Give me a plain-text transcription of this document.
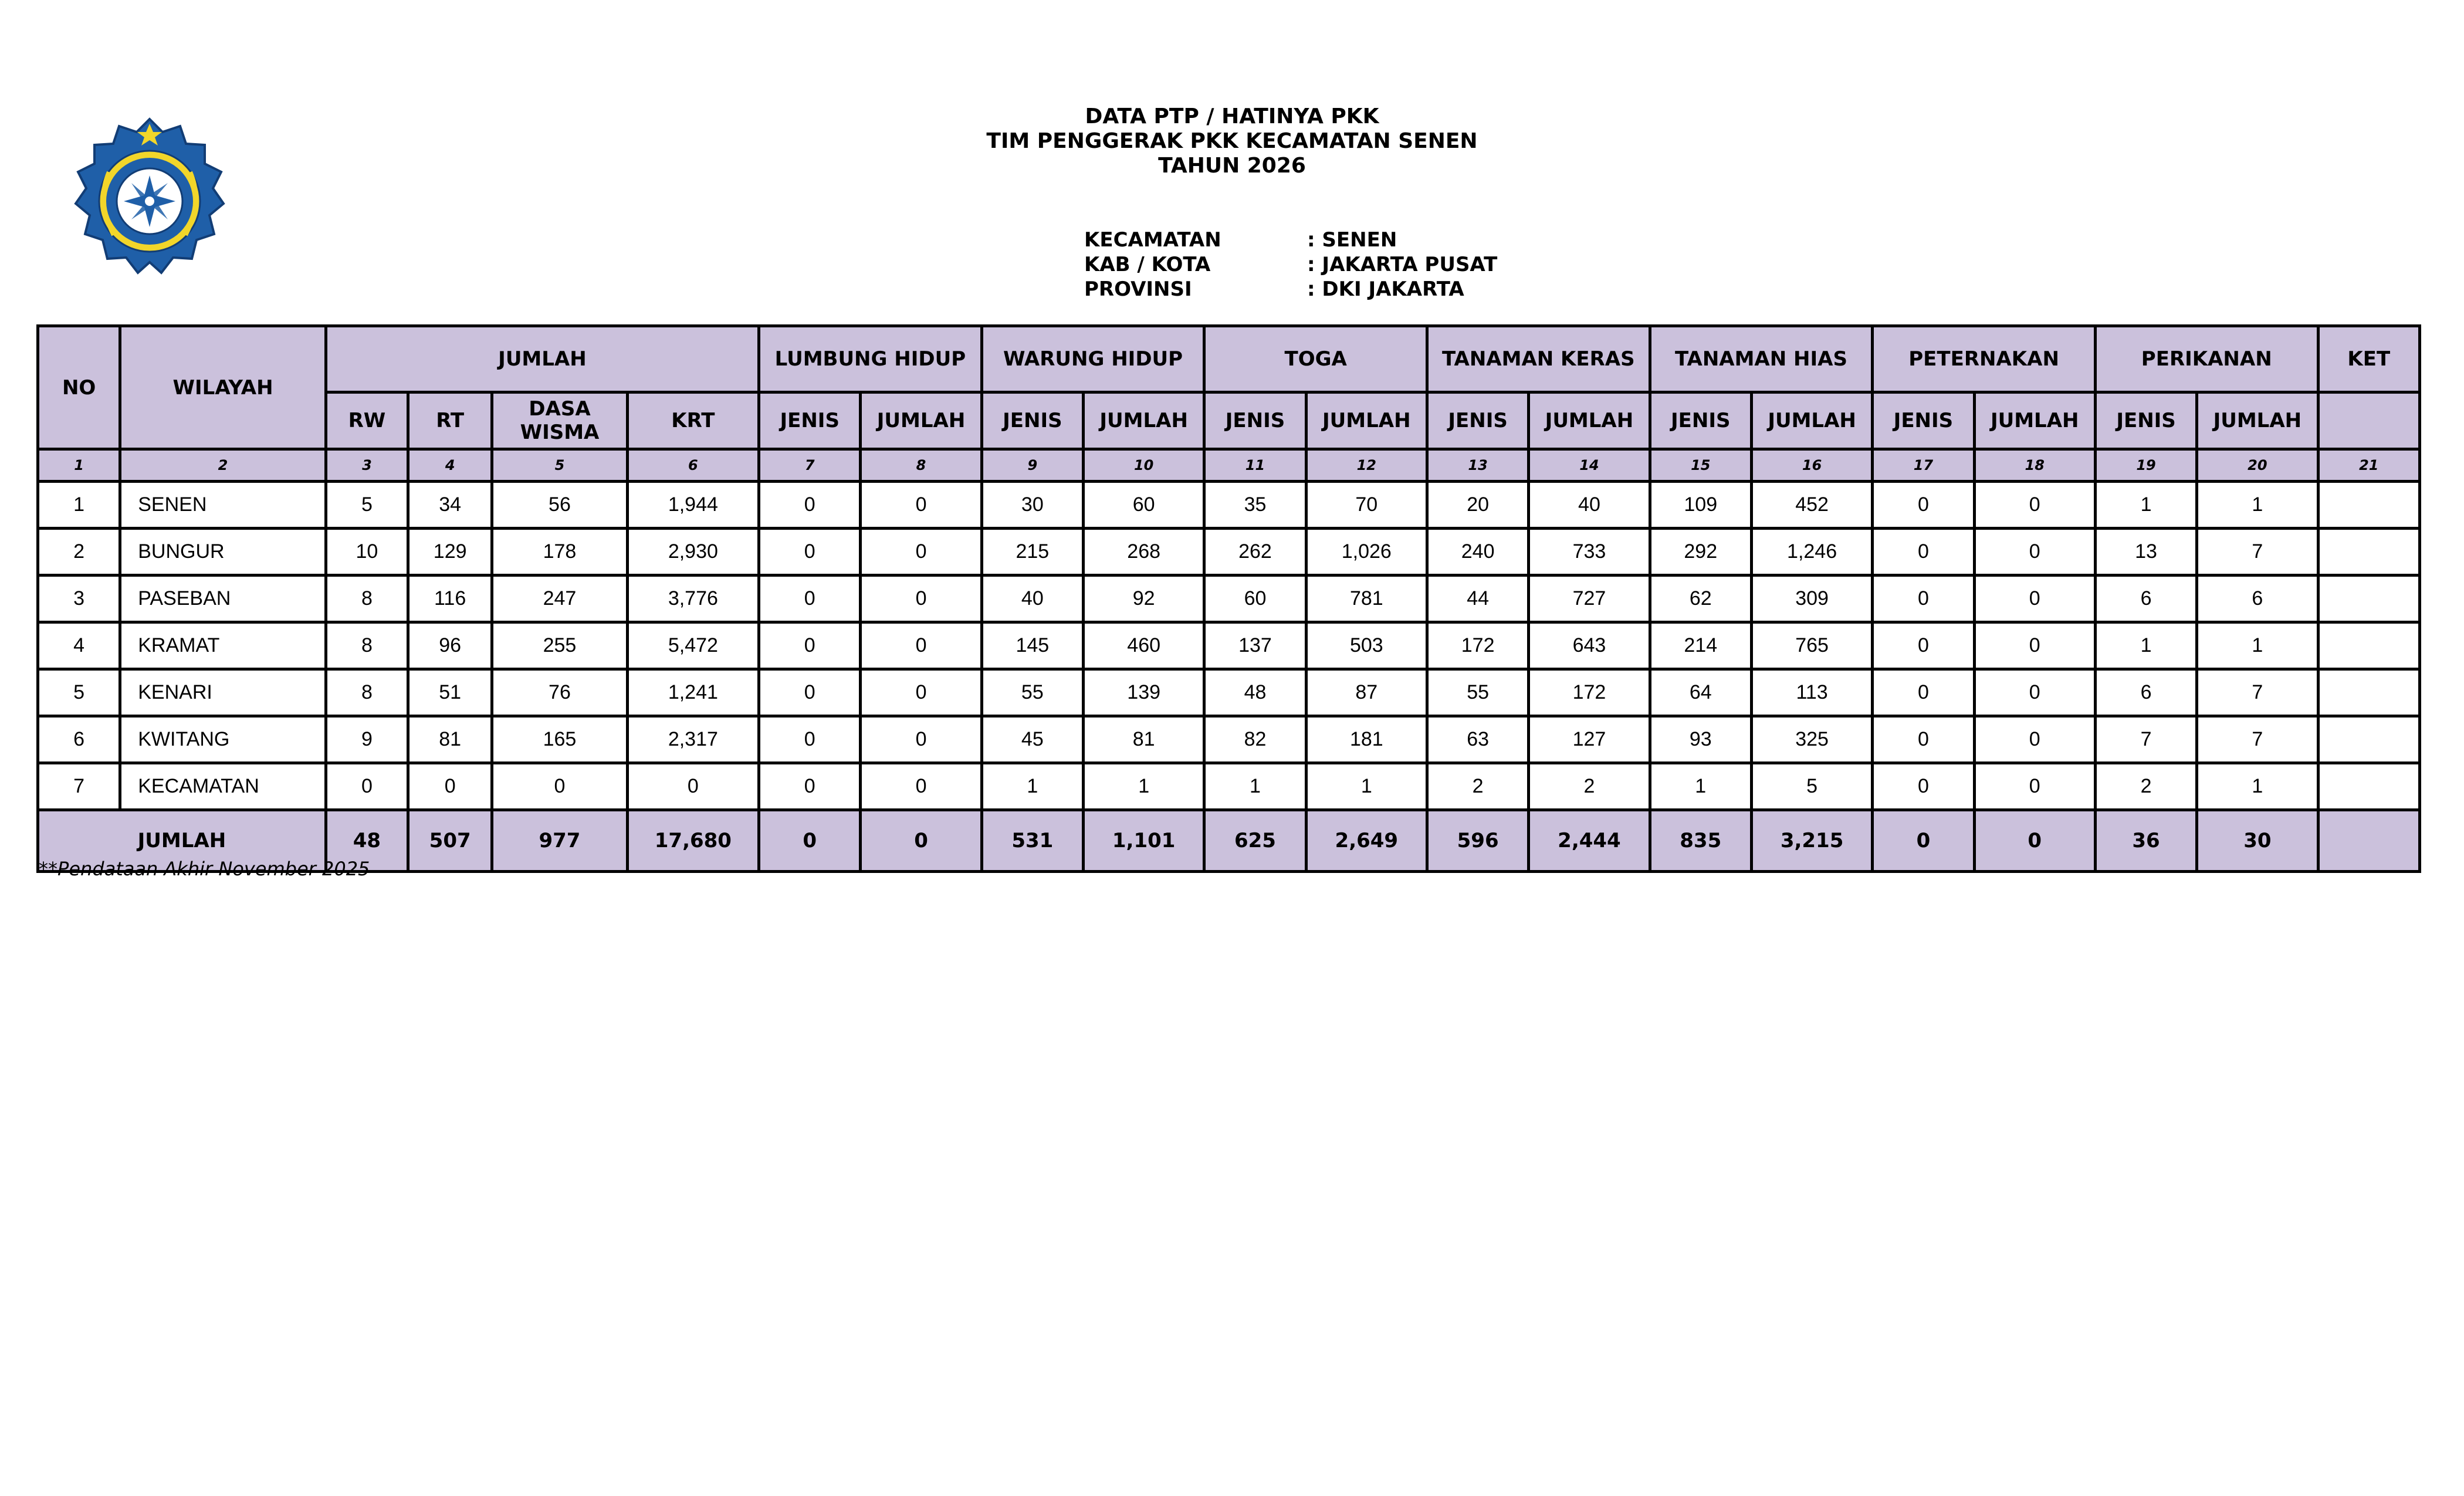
DATA PTP / HATINYA PKK
TIM PENGGERAK PKK KECAMATAN SENEN
TAHUN 2026
KECAMATAN	: SENEN
KAB / KOTA	: JAKARTA PUSAT
PROVINSI	: DKI JAKARTA
NO	WILAYAH	JUMLAH				LUMBUNG HIDUP		WARUNG HIDUP		TOGA		TANAMAN KERAS		TANAMAN HIAS		PETERNAKAN		PERIKANAN		KET
		RW	RT	DASA WISMA	KRT	JENIS	JUMLAH	JENIS	JUMLAH	JENIS	JUMLAH	JENIS	JUMLAH	JENIS	JUMLAH	JENIS	JUMLAH	JENIS	JUMLAH	
1	2	3	4	5	6	7	8	9	10	11	12	13	14	15	16	17	18	19	20	21
1	SENEN	5	34	56	1,944	0	0	30	60	35	70	20	40	109	452	0	0	1	1	
2	BUNGUR	10	129	178	2,930	0	0	215	268	262	1,026	240	733	292	1,246	0	0	13	7	
3	PASEBAN	8	116	247	3,776	0	0	40	92	60	781	44	727	62	309	0	0	6	6	
4	KRAMAT	8	96	255	5,472	0	0	145	460	137	503	172	643	214	765	0	0	1	1	
5	KENARI	8	51	76	1,241	0	0	55	139	48	87	55	172	64	113	0	0	6	7	
6	KWITANG	9	81	165	2,317	0	0	45	81	82	181	63	127	93	325	0	0	7	7	
7	KECAMATAN	0	0	0	0	0	0	1	1	1	1	2	2	1	5	0	0	2	1	
JUMLAH		48	507	977	17,680	0	0	531	1,101	625	2,649	596	2,444	835	3,215	0	0	36	30	
**Pendataan Akhir November 2025
